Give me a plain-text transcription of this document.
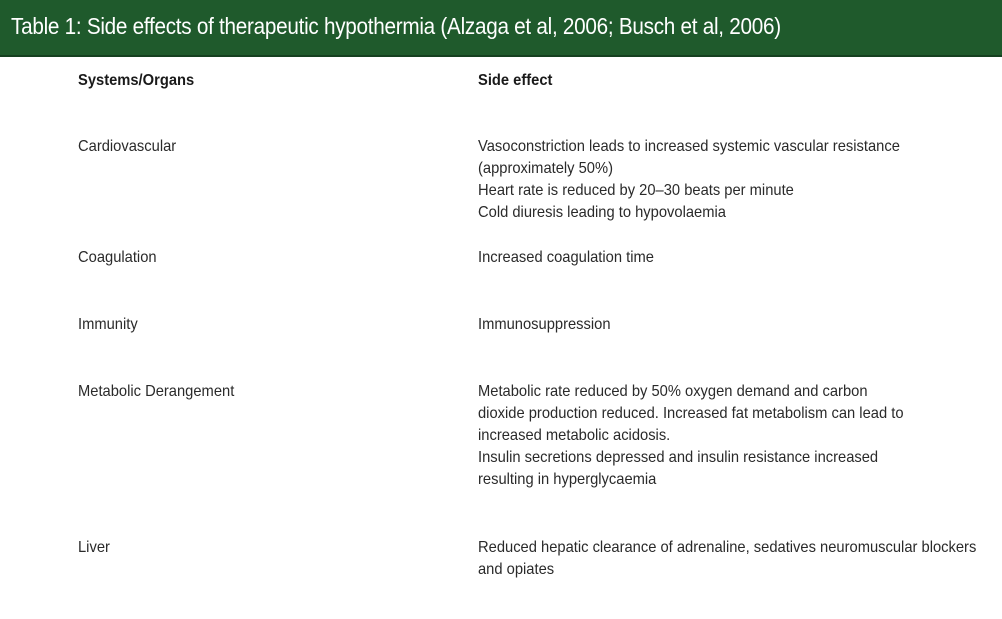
Table 1: Side effects of therapeutic hypothermia (Alzaga et al, 2006; Busch et al, 2006)
Systems/Organs	Side effect
Cardiovascular	Vasoconstriction leads to increased systemic vascular resistance
(approximately 50%)
Heart rate is reduced by 20–30 beats per minute
Cold diuresis leading to hypovolaemia
Coagulation	Increased coagulation time
Immunity	Immunosuppression
Metabolic Derangement	Metabolic rate reduced by 50% oxygen demand and carbon
dioxide production reduced. Increased fat metabolism can lead to
increased metabolic acidosis.
Insulin secretions depressed and insulin resistance increased
resulting in hyperglycaemia
Liver	Reduced hepatic clearance of adrenaline, sedatives neuromuscular blockers
and opiates
